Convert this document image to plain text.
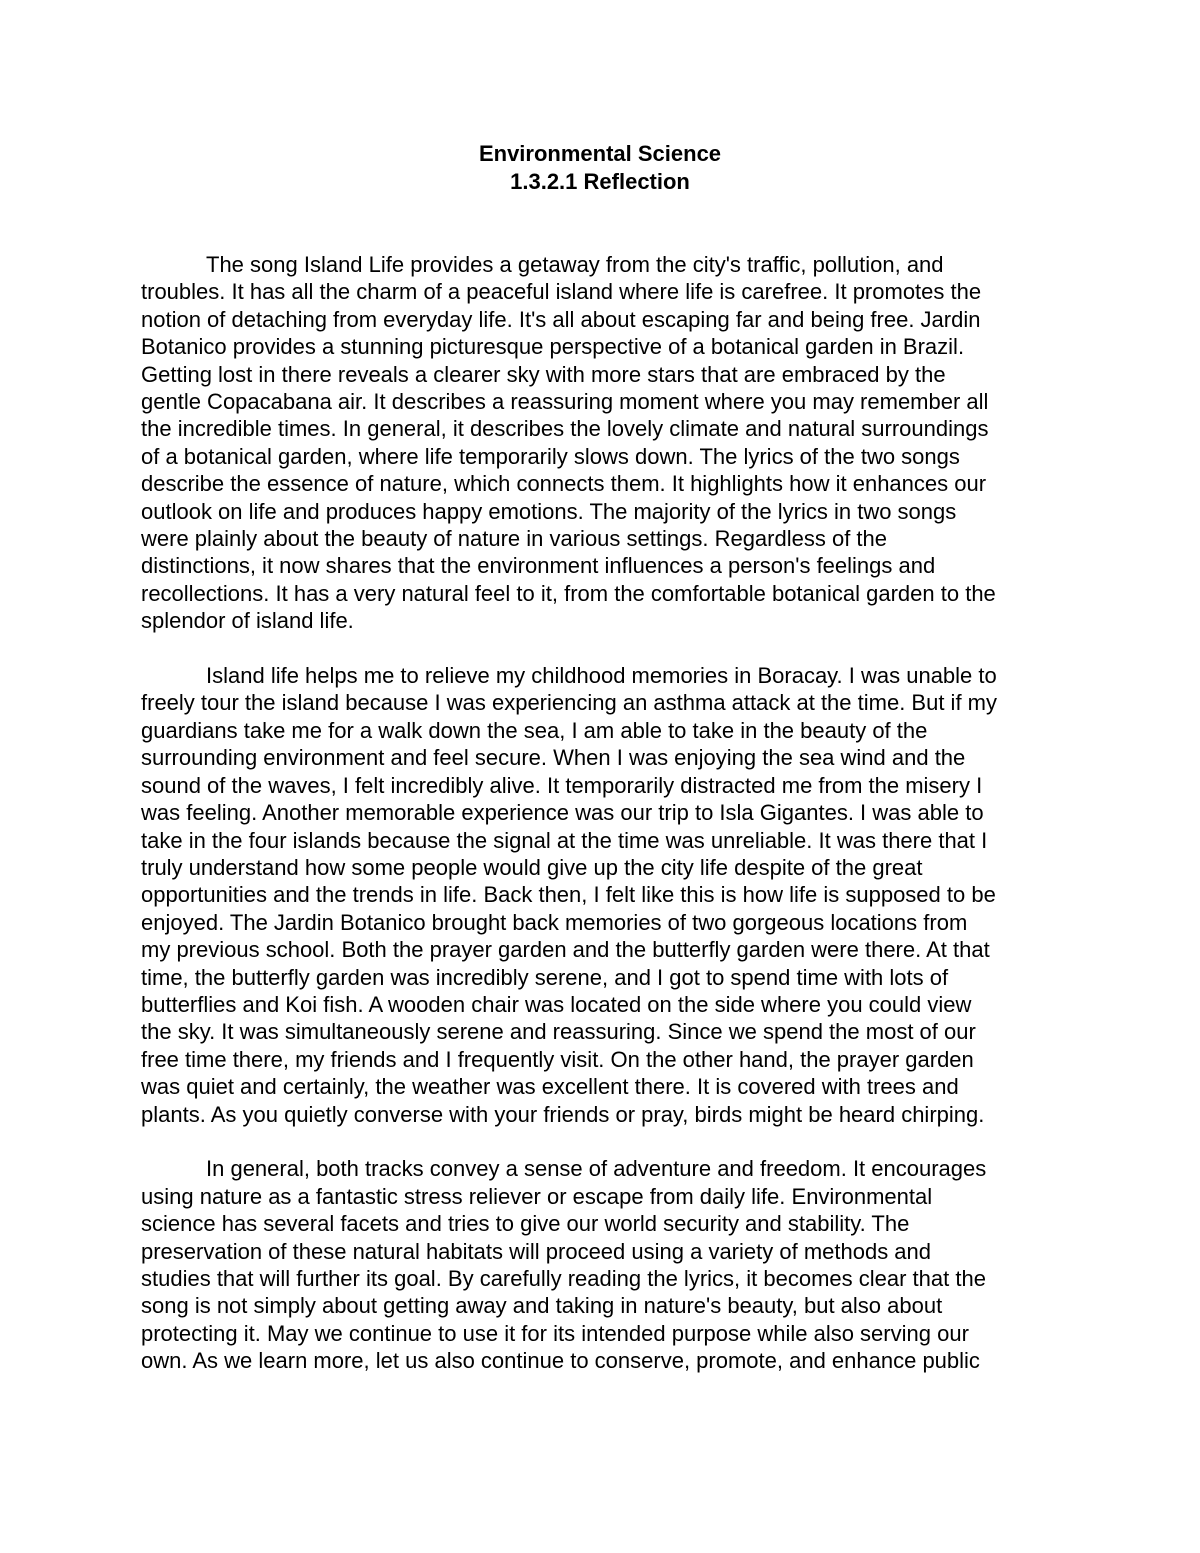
Environmental Science
1.3.2.1 Reflection

The song Island Life provides a getaway from the city's traffic, pollution, and
troubles. It has all the charm of a peaceful island where life is carefree. It promotes the
notion of detaching from everyday life. It's all about escaping far and being free. Jardin
Botanico provides a stunning picturesque perspective of a botanical garden in Brazil.
Getting lost in there reveals a clearer sky with more stars that are embraced by the
gentle Copacabana air. It describes a reassuring moment where you may remember all
the incredible times. In general, it describes the lovely climate and natural surroundings
of a botanical garden, where life temporarily slows down. The lyrics of the two songs
describe the essence of nature, which connects them. It highlights how it enhances our
outlook on life and produces happy emotions. The majority of the lyrics in two songs
were plainly about the beauty of nature in various settings. Regardless of the
distinctions, it now shares that the environment influences a person's feelings and
recollections. It has a very natural feel to it, from the comfortable botanical garden to the
splendor of island life.

Island life helps me to relieve my childhood memories in Boracay. I was unable to
freely tour the island because I was experiencing an asthma attack at the time. But if my
guardians take me for a walk down the sea, I am able to take in the beauty of the
surrounding environment and feel secure. When I was enjoying the sea wind and the
sound of the waves, I felt incredibly alive. It temporarily distracted me from the misery I
was feeling. Another memorable experience was our trip to Isla Gigantes. I was able to
take in the four islands because the signal at the time was unreliable. It was there that I
truly understand how some people would give up the city life despite of the great
opportunities and the trends in life. Back then, I felt like this is how life is supposed to be
enjoyed. The Jardin Botanico brought back memories of two gorgeous locations from
my previous school. Both the prayer garden and the butterfly garden were there. At that
time, the butterfly garden was incredibly serene, and I got to spend time with lots of
butterflies and Koi fish. A wooden chair was located on the side where you could view
the sky. It was simultaneously serene and reassuring. Since we spend the most of our
free time there, my friends and I frequently visit. On the other hand, the prayer garden
was quiet and certainly, the weather was excellent there. It is covered with trees and
plants. As you quietly converse with your friends or pray, birds might be heard chirping.

In general, both tracks convey a sense of adventure and freedom. It encourages
using nature as a fantastic stress reliever or escape from daily life. Environmental
science has several facets and tries to give our world security and stability. The
preservation of these natural habitats will proceed using a variety of methods and
studies that will further its goal. By carefully reading the lyrics, it becomes clear that the
song is not simply about getting away and taking in nature's beauty, but also about
protecting it. May we continue to use it for its intended purpose while also serving our
own. As we learn more, let us also continue to conserve, promote, and enhance public
